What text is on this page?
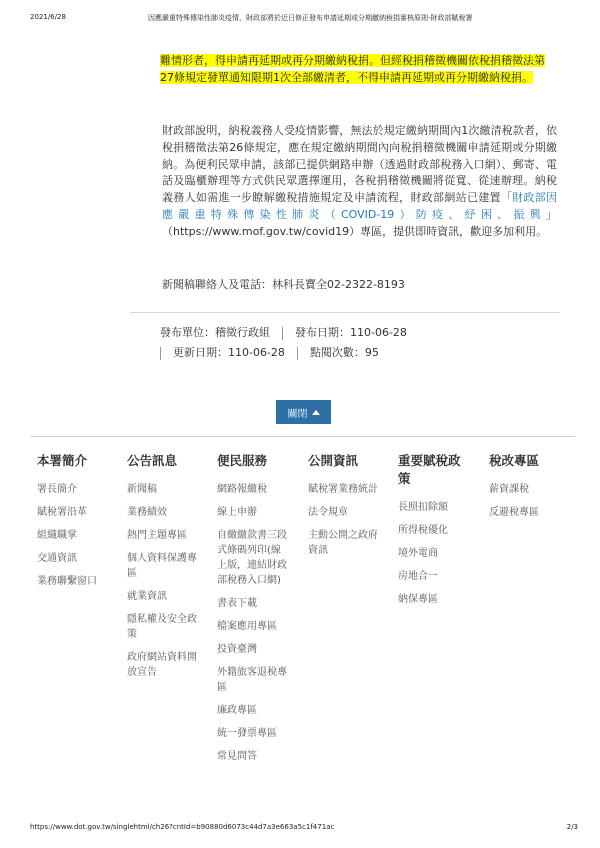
2021/6/28	因應嚴重特殊傳染性肺炎疫情，財政部將於近日修正發布申請延期或分期繳納稅捐審核原則-財政部賦稅署
難情形者，得申請再延期或再分期繳納稅捐。但經稅捐稽徵機關依稅捐稽徵法第27條規定發單通知限期1次全部繳清者，不得申請再延期或再分期繳納稅捐。
財政部說明，納稅義務人受疫情影響，無法於規定繳納期間內1次繳清稅款者，依稅捐稽徵法第26條規定，應在規定繳納期間內向稅捐稽徵機關申請延期或分期繳納。為便利民眾申請，該部已提供網路申辦（透過財政部稅務入口網）、郵寄、電話及臨櫃辦理等方式供民眾選擇運用，各稅捐稽徵機關將從寬、從速辦理。納稅義務人如需進一步瞭解繳稅措施規定及申請流程，財政部網站已建置「財政部因應嚴重特殊傳染性肺炎（COVID-19）防疫、紓困、振興」（https://www.mof.gov.tw/covid19）專區，提供即時資訊，歡迎多加利用。
新聞稿聯絡人及電話：林科長寶全02-2322-8193
發布單位：稽徵行政組 發布日期：110-06-28
更新日期：110-06-28 點閱次數：95
關閉
本署簡介
署長簡介
賦稅署沿革
組織職掌
交通資訊
業務聯繫窗口
公告訊息
新聞稿
業務績效
熱門主題專區
個人資料保護專區
就業資訊
隱私權及安全政策
政府網站資料開放宣告
便民服務
網路報繳稅
線上申辦
自繳繳款書三段式條碼列印(線上版，連結財政部稅務入口網)
書表下載
檔案應用專區
投資臺灣
外籍旅客退稅專區
廉政專區
統一發票專區
常見問答
公開資訊
賦稅署業務統計
法令規章
主動公開之政府資訊
重要賦稅政策
長照扣除額
所得稅優化
境外電商
房地合一
納保專區
稅改專區
薪資課稅
反避稅專區
https://www.dot.gov.tw/singlehtml/ch26?cntId=b90880d6073c44d7a3e663a5c1f471ac	2/3
